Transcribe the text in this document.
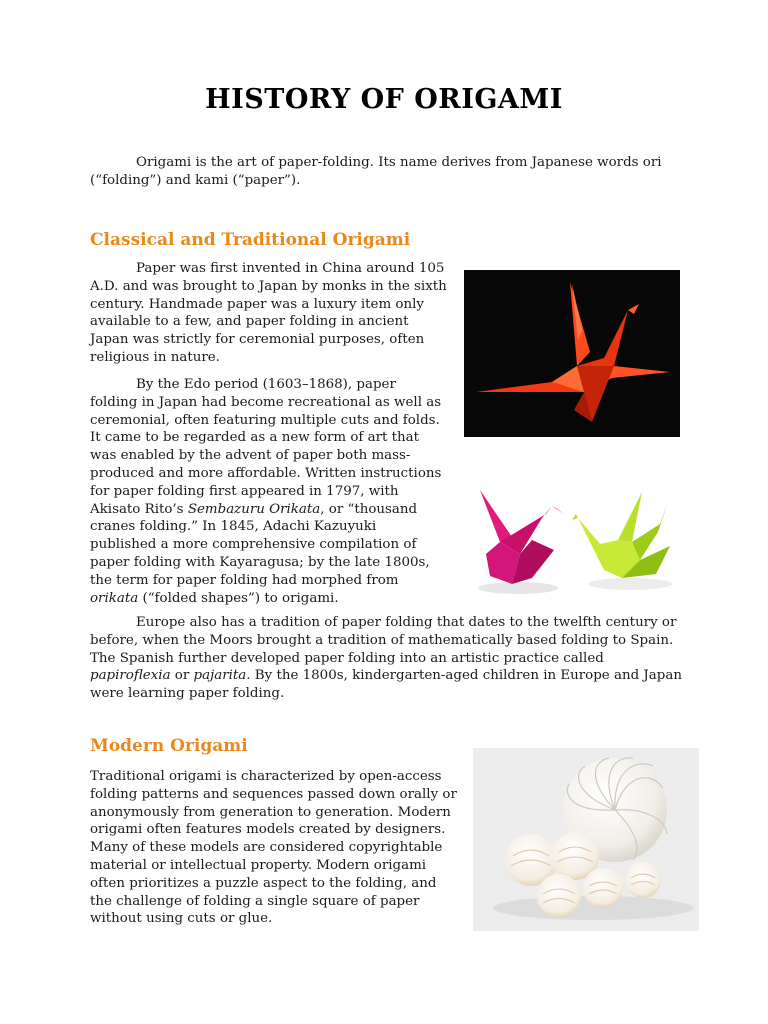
HISTORY OF ORIGAMI

Origami is the art of paper-folding. Its name derives from Japanese words ori (“folding”) and kami (“paper”).

Classical and Traditional Origami

Paper was first invented in China around 105 A.D. and was brought to Japan by monks in the sixth century. Handmade paper was a luxury item only available to a few, and paper folding in ancient Japan was strictly for ceremonial purposes, often religious in nature.

By the Edo period (1603–1868), paper folding in Japan had become recreational as well as ceremonial, often featuring multiple cuts and folds. It came to be regarded as a new form of art that was enabled by the advent of paper both mass-produced and more affordable. Written instructions for paper folding first appeared in 1797, with Akisato Rito’s Sembazuru Orikata, or “thousand cranes folding.” In 1845, Adachi Kazuyuki published a more comprehensive compilation of paper folding with Kayaragusa; by the late 1800s, the term for paper folding had morphed from orikata (“folded shapes”) to origami.

Europe also has a tradition of paper folding that dates to the twelfth century or before, when the Moors brought a tradition of mathematically based folding to Spain. The Spanish further developed paper folding into an artistic practice called papiroflexia or pajarita. By the 1800s, kindergarten-aged children in Europe and Japan were learning paper folding.

Modern Origami

Traditional origami is characterized by open-access folding patterns and sequences passed down orally or anonymously from generation to generation. Modern origami often features models created by designers. Many of these models are considered copyrightable material or intellectual property. Modern origami often prioritizes a puzzle aspect to the folding, and the challenge of folding a single square of paper without using cuts or glue.
